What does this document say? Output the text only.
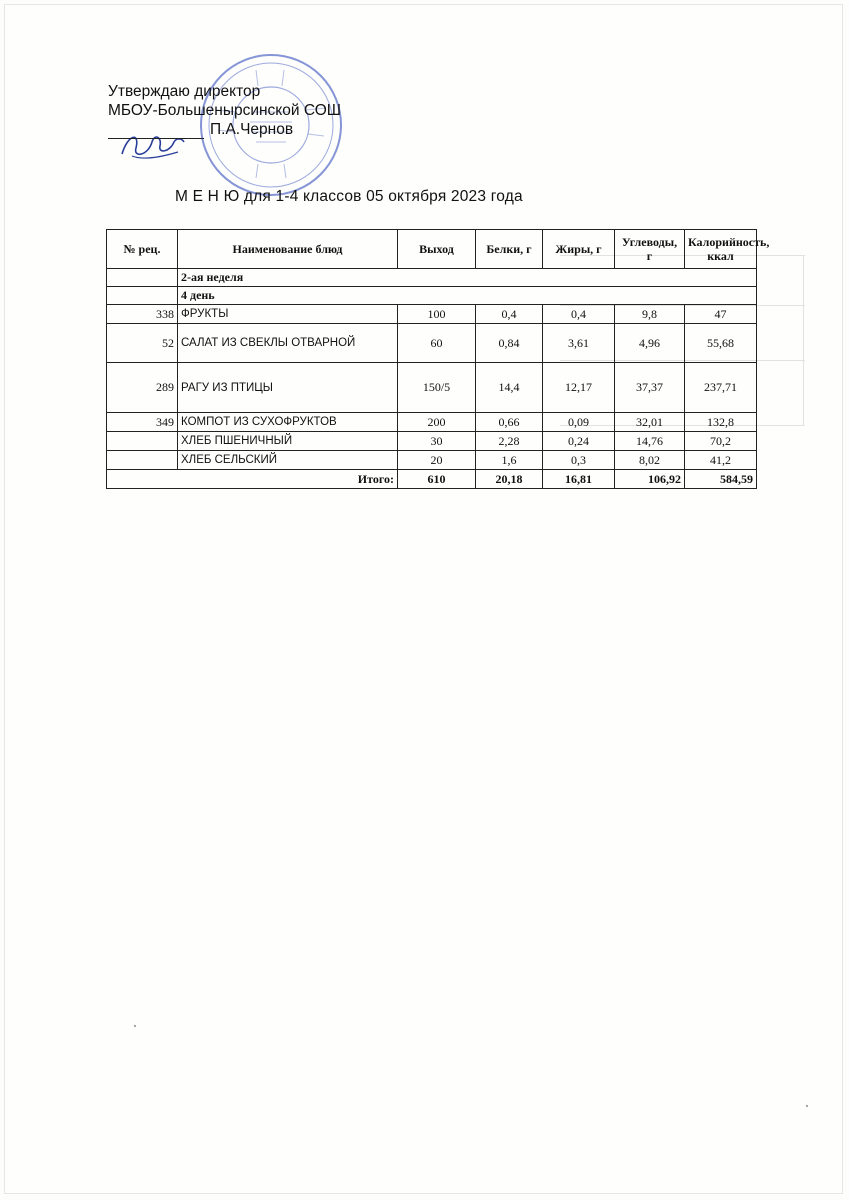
⠀
Утверждаю директор
МБОУ-Большенырсинской СОШ
П.А.Чернов
М Е Н Ю для 1-4 классов 05 октября 2023 года
№ рец.	Наименование блюд	Выход	Белки, г	Жиры, г	Углеводы, г	Калорийность, ккал
	2-ая неделя					
	4 день					
338	ФРУКТЫ	100	0,4	0,4	9,8	47
52	САЛАТ ИЗ СВЕКЛЫ ОТВАРНОЙ	60	0,84	3,61	4,96	55,68
289	РАГУ ИЗ ПТИЦЫ	150/5	14,4	12,17	37,37	237,71
349	КОМПОТ ИЗ СУХОФРУКТОВ	200	0,66	0,09	32,01	132,8
	ХЛЕБ ПШЕНИЧНЫЙ	30	2,28	0,24	14,76	70,2
	ХЛЕБ СЕЛЬСКИЙ	20	1,6	0,3	8,02	41,2
Итого:		610	20,18	16,81	106,92	584,59
